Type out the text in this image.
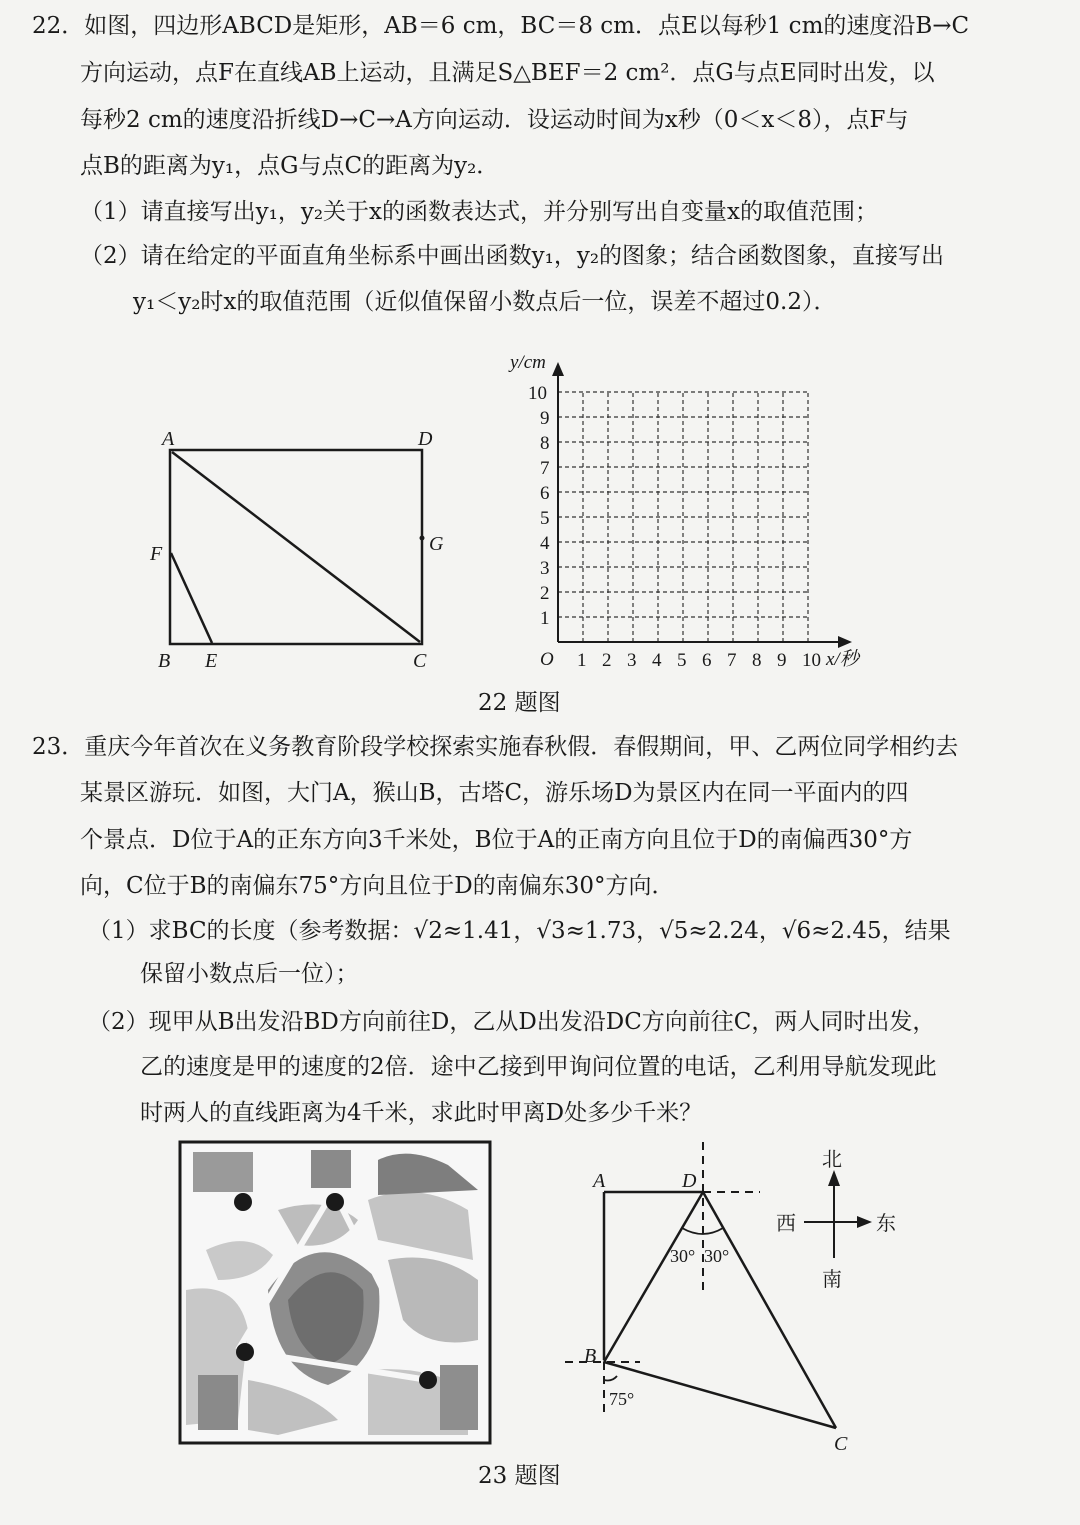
22．如图，四边形ABCD是矩形，AB＝6 cm，BC＝8 cm．点E以每秒1 cm的速度沿B→C
方向运动，点F在直线AB上运动，且满足S△BEF＝2 cm²．点G与点E同时出发，以
每秒2 cm的速度沿折线D→C→A方向运动．设运动时间为x秒（0＜x＜8），点F与
点B的距离为y₁，点G与点C的距离为y₂．
（1）请直接写出y₁，y₂关于x的函数表达式，并分别写出自变量x的取值范围；
（2）请在给定的平面直角坐标系中画出函数y₁，y₂的图象；结合函数图象，直接写出
y₁＜y₂时x的取值范围（近似值保留小数点后一位，误差不超过0.2）．
A	D
F	G
B E	C
y/cm
x/秒
O 1 2 3 4 5 6 7 8 9 10
1
2
3
4
5
6
7
8
9
10
22 题图
23．重庆今年首次在义务教育阶段学校探索实施春秋假．春假期间，甲、乙两位同学相约去
某景区游玩．如图，大门A，猴山B，古塔C，游乐场D为景区内在同一平面内的四
个景点．D位于A的正东方向3千米处，B位于A的正南方向且位于D的南偏西30°方
向，C位于B的南偏东75°方向且位于D的南偏东30°方向．
（1）求BC的长度（参考数据：√2≈1.41，√3≈1.73，√5≈2.24，√6≈2.45，结果
保留小数点后一位）；
（2）现甲从B出发沿BD方向前往D，乙从D出发沿DC方向前往C，两人同时出发，
乙的速度是甲的速度的2倍．途中乙接到甲询问位置的电话，乙利用导航发现此
时两人的直线距离为4千米，求此时甲离D处多少千米？
A	D
B
C
30° 30°
75°
北
南
西	东
23 题图
